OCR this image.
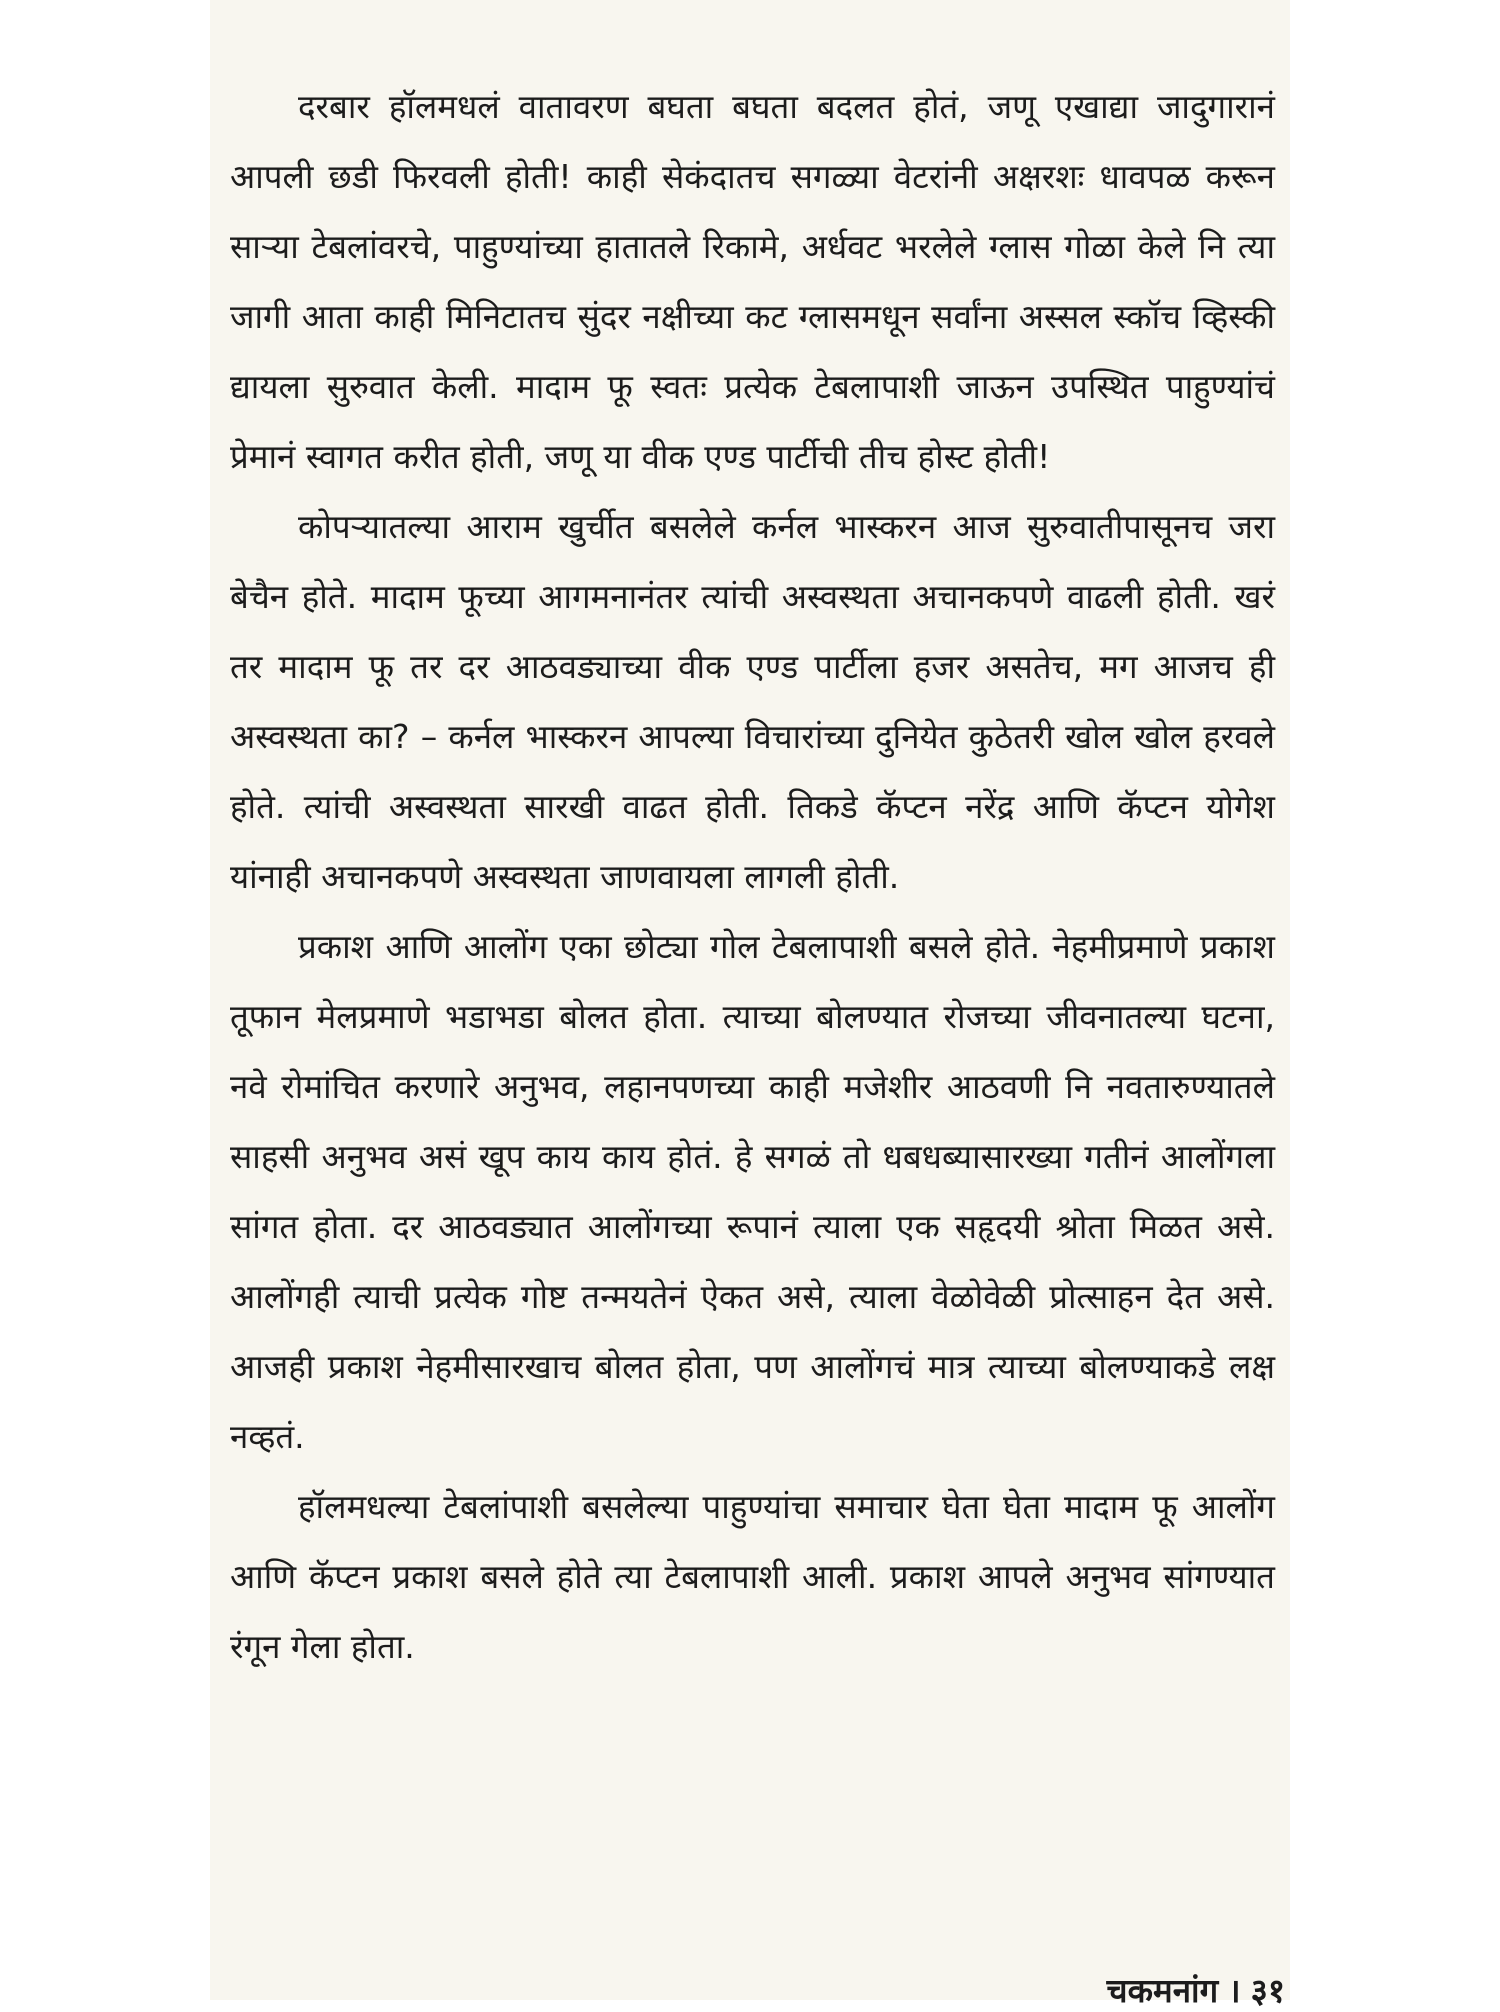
दरबार हॉलमधलं वातावरण बघता बघता बदलत होतं, जणू एखाद्या जादुगारानं आपली छडी फिरवली होती! काही सेकंदातच सगळ्या वेटरांनी अक्षरशः धावपळ करून साऱ्या टेबलांवरचे, पाहुण्यांच्या हातातले रिकामे, अर्धवट भरलेले ग्लास गोळा केले नि त्या जागी आता काही मिनिटातच सुंदर नक्षीच्या कट ग्लासमधून सर्वांना अस्सल स्कॉच व्हिस्की द्यायला सुरुवात केली. मादाम फू स्वतः प्रत्येक टेबलापाशी जाऊन उपस्थित पाहुण्यांचं प्रेमानं स्वागत करीत होती, जणू या वीक एण्ड पार्टीची तीच होस्ट होती!

कोपऱ्यातल्या आराम खुर्चीत बसलेले कर्नल भास्करन आज सुरुवातीपासूनच जरा बेचैन होते. मादाम फूच्या आगमनानंतर त्यांची अस्वस्थता अचानकपणे वाढली होती. खरं तर मादाम फू तर दर आठवड्याच्या वीक एण्ड पार्टीला हजर असतेच, मग आजच ही अस्वस्थता का? – कर्नल भास्करन आपल्या विचारांच्या दुनियेत कुठेतरी खोल खोल हरवले होते. त्यांची अस्वस्थता सारखी वाढत होती. तिकडे कॅप्टन नरेंद्र आणि कॅप्टन योगेश यांनाही अचानकपणे अस्वस्थता जाणवायला लागली होती.

प्रकाश आणि आलोंग एका छोट्या गोल टेबलापाशी बसले होते. नेहमीप्रमाणे प्रकाश तूफान मेलप्रमाणे भडाभडा बोलत होता. त्याच्या बोलण्यात रोजच्या जीवनातल्या घटना, नवे रोमांचित करणारे अनुभव, लहानपणच्या काही मजेशीर आठवणी नि नवतारुण्यातले साहसी अनुभव असं खूप काय काय होतं. हे सगळं तो धबधब्यासारख्या गतीनं आलोंगला सांगत होता. दर आठवड्यात आलोंगच्या रूपानं त्याला एक सहृदयी श्रोता मिळत असे. आलोंगही त्याची प्रत्येक गोष्ट तन्मयतेनं ऐकत असे, त्याला वेळोवेळी प्रोत्साहन देत असे. आजही प्रकाश नेहमीसारखाच बोलत होता, पण आलोंगचं मात्र त्याच्या बोलण्याकडे लक्ष नव्हतं.

हॉलमधल्या टेबलांपाशी बसलेल्या पाहुण्यांचा समाचार घेता घेता मादाम फू आलोंग आणि कॅप्टन प्रकाश बसले होते त्या टेबलापाशी आली. प्रकाश आपले अनुभव सांगण्यात रंगून गेला होता.

चकमनांग । ३१
